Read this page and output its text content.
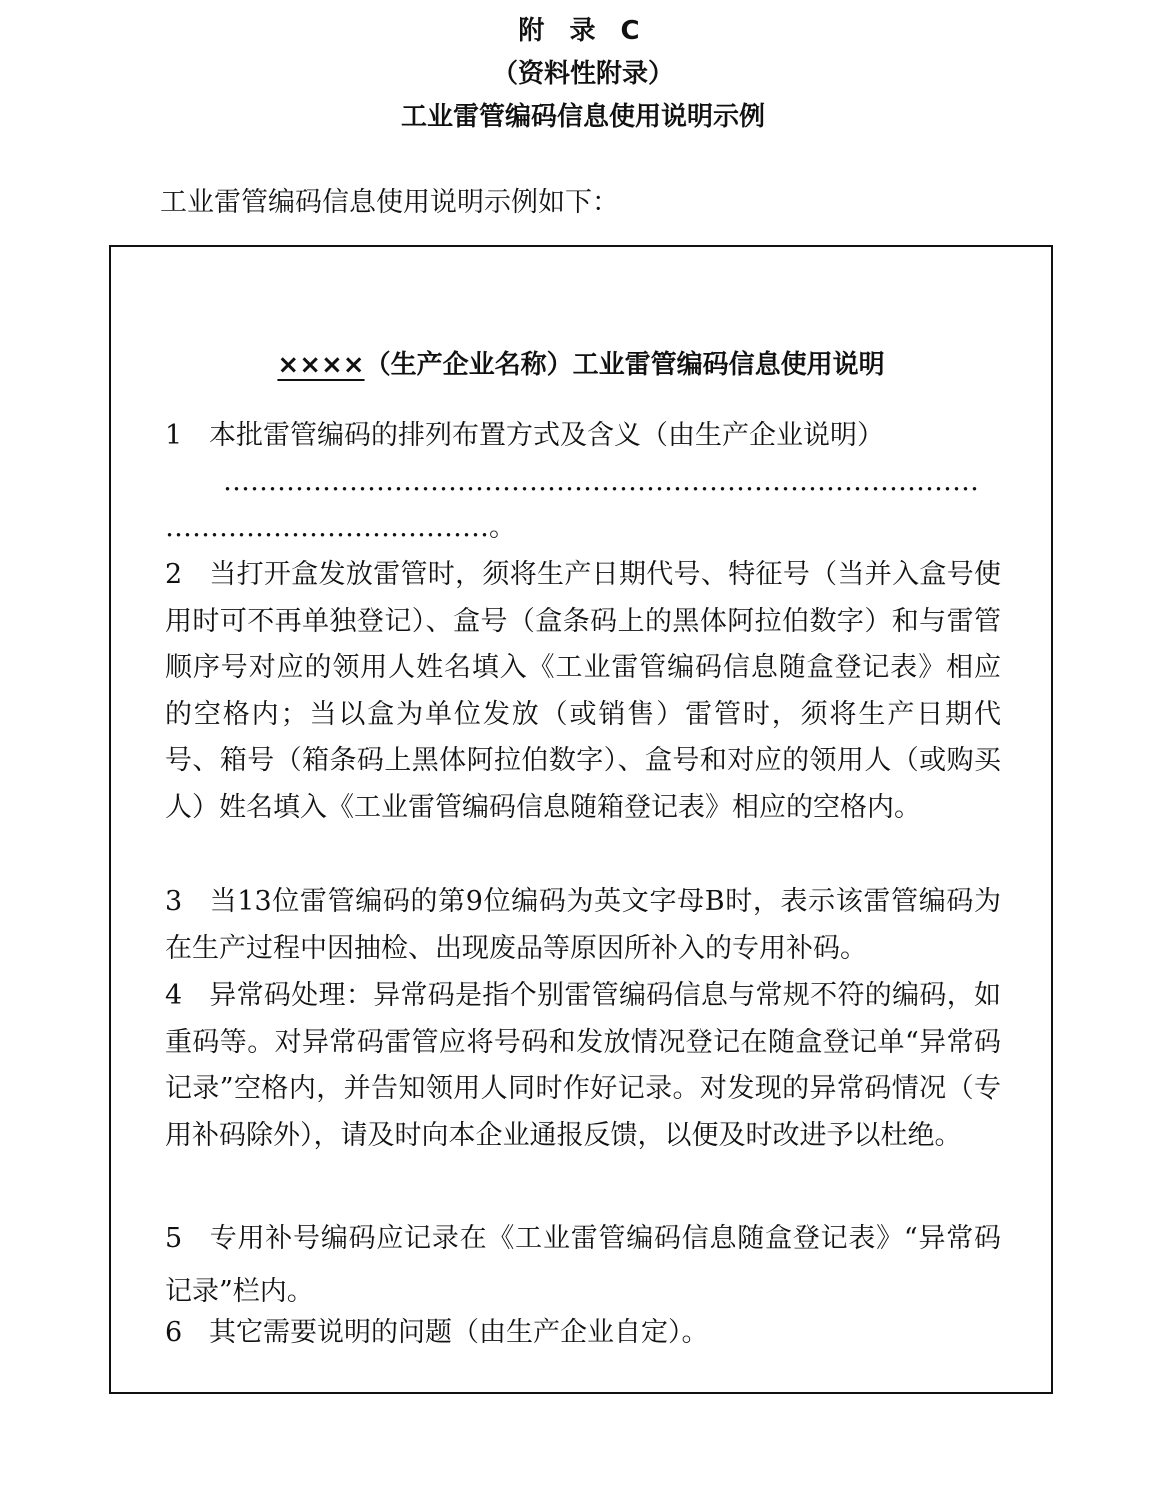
附 录 C
（资料性附录）
工业雷管编码信息使用说明示例
工业雷管编码信息使用说明示例如下：
××××（生产企业名称）工业雷管编码信息使用说明

1 本批雷管编码的排列布置方式及含义（由生产企业说明）

…………………………………………………………………………
………………………………。

2 当打开盒发放雷管时，须将生产日期代号、特征号（当并入盒号使用时可不再单独登记）、盒号（盒条码上的黑体阿拉伯数字）和与雷管顺序号对应的领用人姓名填入《工业雷管编码信息随盒登记表》相应的空格内；当以盒为单位发放（或销售）雷管时，须将生产日期代号、箱号（箱条码上黑体阿拉伯数字）、盒号和对应的领用人（或购买人）姓名填入《工业雷管编码信息随箱登记表》相应的空格内。

3 当13位雷管编码的第9位编码为英文字母B时，表示该雷管编码为在生产过程中因抽检、出现废品等原因所补入的专用补码。

4 异常码处理：异常码是指个别雷管编码信息与常规不符的编码，如重码等。对异常码雷管应将号码和发放情况登记在随盒登记单“异常码记录”空格内，并告知领用人同时作好记录。对发现的异常码情况（专用补码除外），请及时向本企业通报反馈，以便及时改进予以杜绝。

5 专用补号编码应记录在《工业雷管编码信息随盒登记表》“异常码记录”栏内。

6 其它需要说明的问题（由生产企业自定）。
